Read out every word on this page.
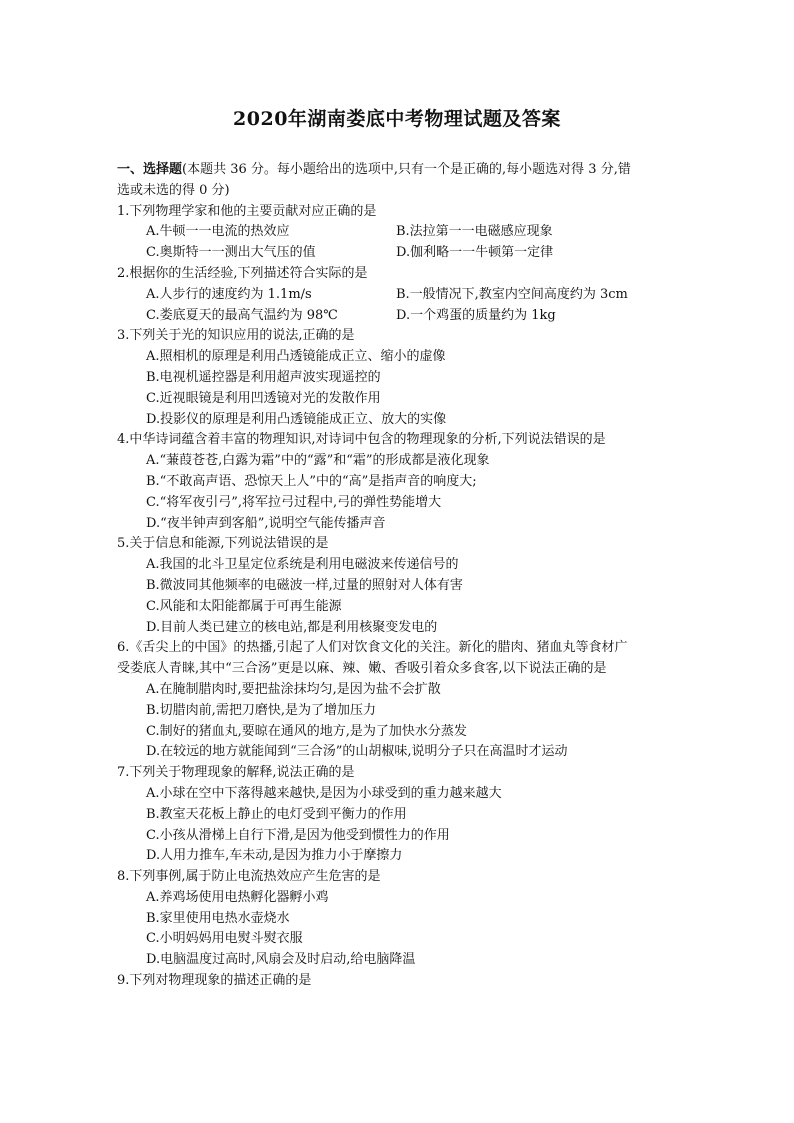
2020年湖南娄底中考物理试题及答案
一、选择题(本题共 36 分。每小题给出的选项中,只有一个是正确的,每小题选对得 3 分,错
选或未选的得 0 分)
1.下列物理学家和他的主要贡献对应正确的是
A.牛顿一一电流的热效应	B.法拉第一一电磁感应现象
C.奥斯特一一测出大气压的值	D.伽利略一一牛顿第一定律
2.根据你的生活经验,下列描述符合实际的是
A.人步行的速度约为 1.1m/s	B.一般情况下,教室内空间高度约为 3cm
C.娄底夏天的最高气温约为 98℃	D.一个鸡蛋的质量约为 1kg
3.下列关于光的知识应用的说法,正确的是
A.照相机的原理是利用凸透镜能成正立、缩小的虚像
B.电视机遥控器是利用超声波实现遥控的
C.近视眼镜是利用凹透镜对光的发散作用
D.投影仪的原理是利用凸透镜能成正立、放大的实像
4.中华诗词蕴含着丰富的物理知识,对诗词中包含的物理现象的分析,下列说法错误的是
A.“蒹葭苍苍,白露为霜”中的“露”和“霜”的形成都是液化现象
B.“不敢高声语、恐惊天上人”中的“高”是指声音的响度大;
C.“将军夜引弓”,将军拉弓过程中,弓的弹性势能增大
D.“夜半钟声到客船”,说明空气能传播声音
5.关于信息和能源,下列说法错误的是
A.我国的北斗卫星定位系统是利用电磁波来传递信号的
B.微波同其他频率的电磁波一样,过量的照射对人体有害
C.风能和太阳能都属于可再生能源
D.目前人类已建立的核电站,都是利用核聚变发电的
6.《舌尖上的中国》的热播,引起了人们对饮食文化的关注。新化的腊肉、猪血丸等食材广
受娄底人青睐,其中“三合汤”更是以麻、辣、嫩、香吸引着众多食客,以下说法正确的是
A.在腌制腊肉时,要把盐涂抹均匀,是因为盐不会扩散
B.切腊肉前,需把刀磨快,是为了增加压力
C.制好的猪血丸,要晾在通风的地方,是为了加快水分蒸发
D.在较远的地方就能闻到“三合汤”的山胡椒味,说明分子只在高温时才运动
7.下列关于物理现象的解释,说法正确的是
A.小球在空中下落得越来越快,是因为小球受到的重力越来越大
B.教室天花板上静止的电灯受到平衡力的作用
C.小孩从滑梯上自行下滑,是因为他受到惯性力的作用
D.人用力推车,车未动,是因为推力小于摩擦力
8.下列事例,属于防止电流热效应产生危害的是
A.养鸡场使用电热孵化器孵小鸡
B.家里使用电热水壶烧水
C.小明妈妈用电熨斗熨衣服
D.电脑温度过高时,风扇会及时启动,给电脑降温
9.下列对物理现象的描述正确的是
